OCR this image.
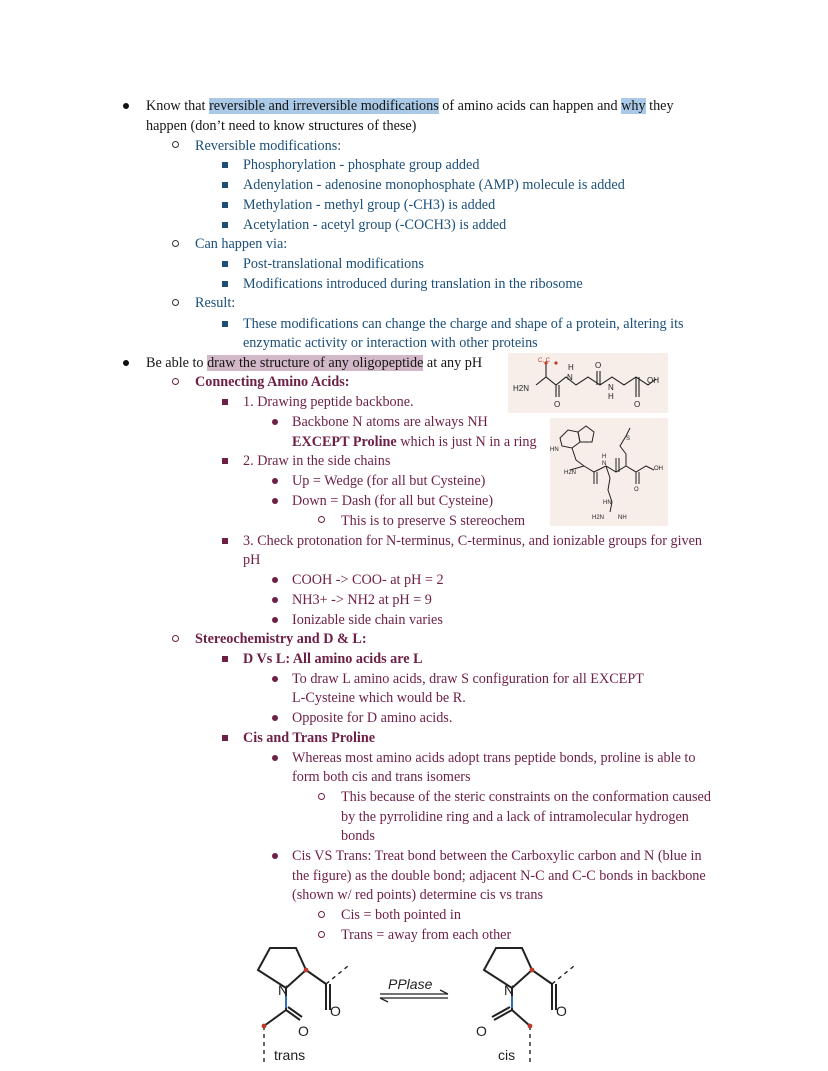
Know that reversible and irreversible modifications of amino acids can happen and why they
happen (don’t need to know structures of these)
Reversible modifications:
Phosphorylation - phosphate group added
Adenylation - adenosine monophosphate (AMP) molecule is added
Methylation - methyl group (-CH3) is added
Acetylation - acetyl group (-COCH3) is added
Can happen via:
Post-translational modifications
Modifications introduced during translation in the ribosome
Result:
These modifications can change the charge and shape of a protein, altering its
enzymatic activity or interaction with other proteins
Be able to draw the structure of any oligopeptide at any pH
Connecting Amino Acids:
1. Drawing peptide backbone.
Backbone N atoms are always NH
EXCEPT Proline which is just N in a ring
2. Draw in the side chains
Up = Wedge (for all but Cysteine)
Down = Dash (for all but Cysteine)
This is to preserve S stereochem
3. Check protonation for N-terminus, C-terminus, and ionizable groups for given
pH
COOH -> COO- at pH = 2
NH3+ -> NH2 at pH = 9
Ionizable side chain varies
Stereochemistry and D & L:
D Vs L: All amino acids are L
To draw L amino acids, draw S configuration for all EXCEPT
L-Cysteine which would be R.
Opposite for D amino acids.
Cis and Trans Proline
Whereas most amino acids adopt trans peptide bonds, proline is able to
form both cis and trans isomers
This because of the steric constraints on the conformation caused
by the pyrrolidine ring and a lack of intramolecular hydrogen
bonds
Cis VS Trans: Treat bond between the Carboxylic carbon and N (blue in
the figure) as the double bond; adjacent N-C and C-C bonds in backbone
(shown w/ red points) determine cis vs trans
Cis = both pointed in
Trans = away from each other
C, C
H2N
H
N
N
H
OH
O
O
O
HN
H2N
H
N
S
OH
O
HN
H2N NH
N
O
O
trans
PPlase	N
O
O
cis
